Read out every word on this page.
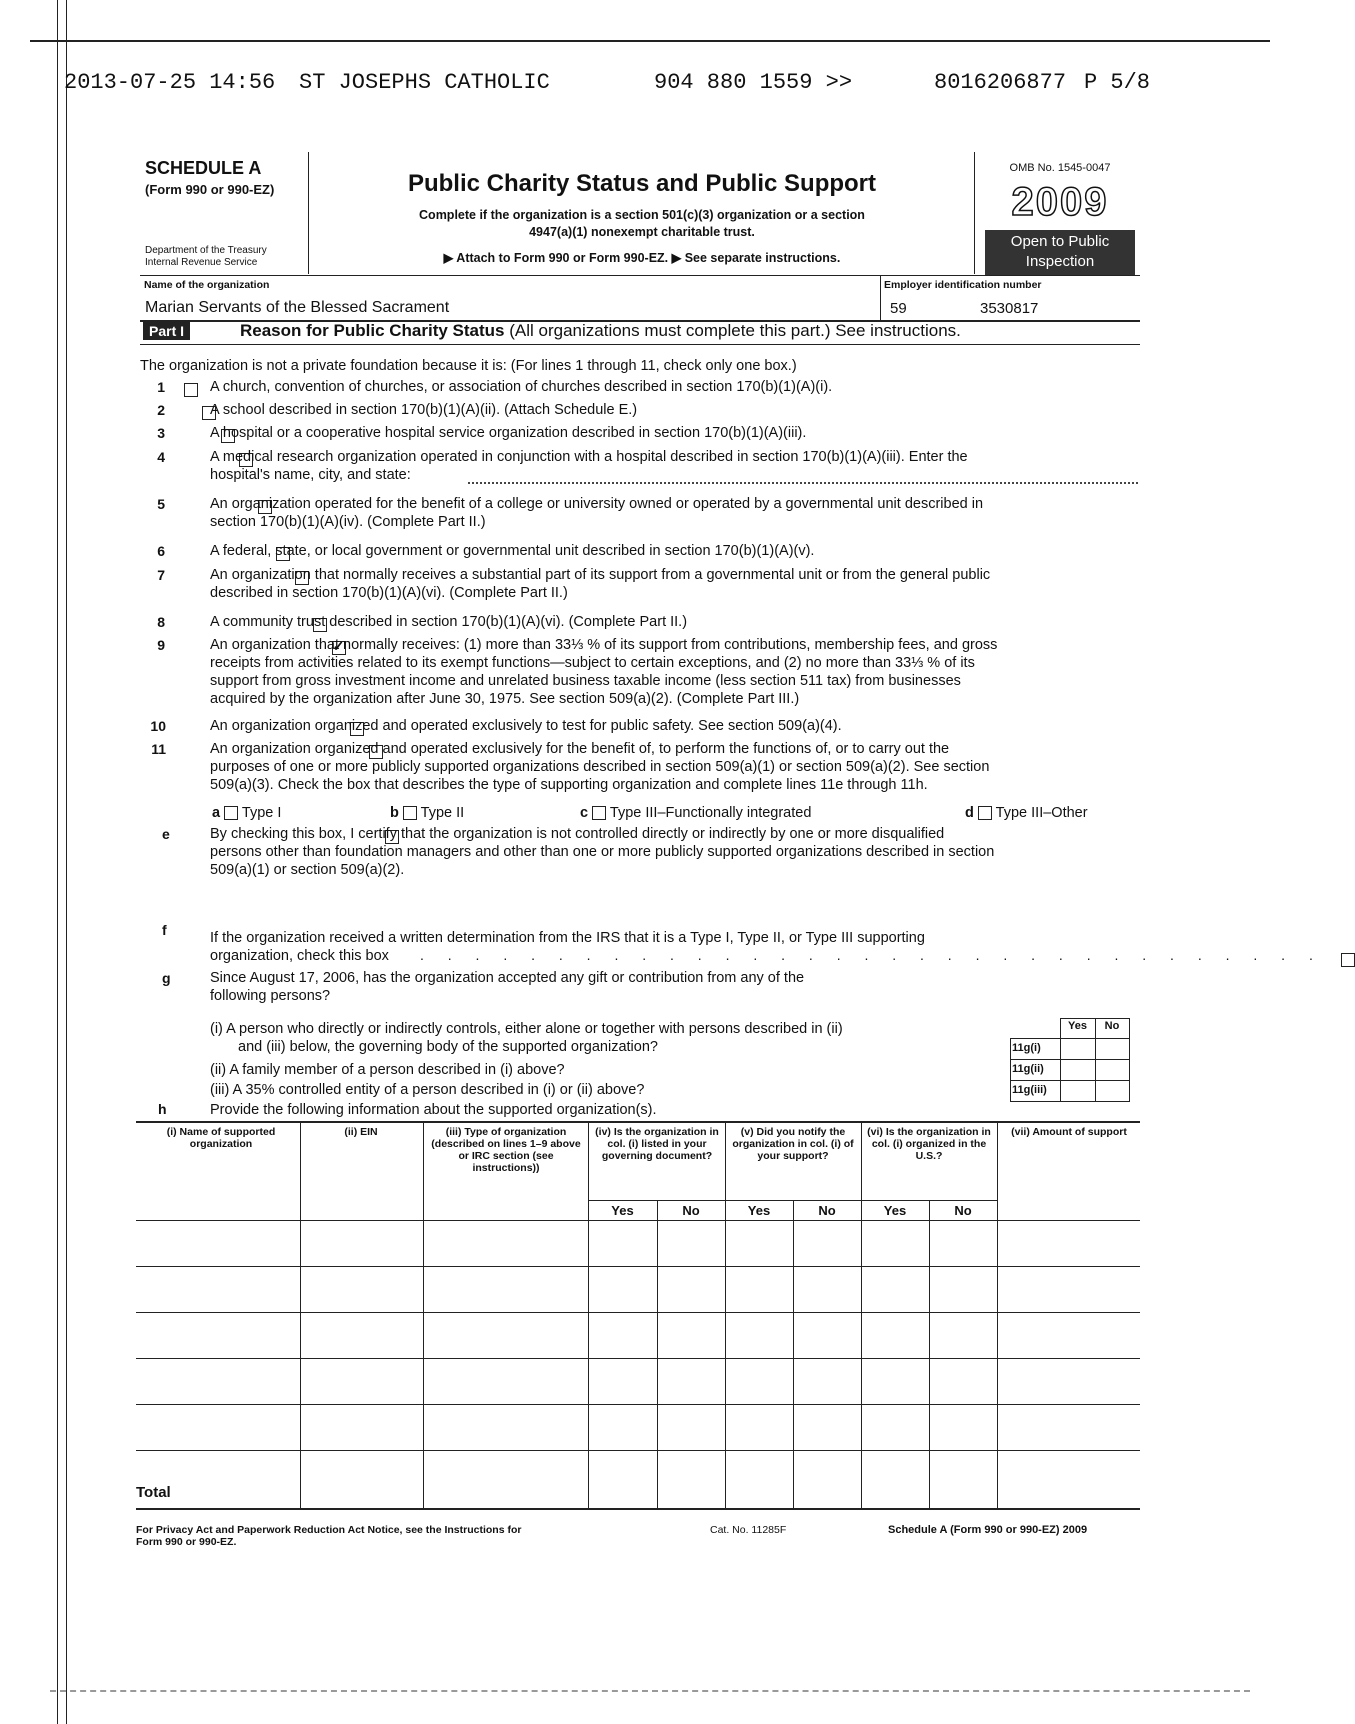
2013-07-25 14:56 ST JOSEPHS CATHOLIC	904 880 1559 >>	8016206877 P 5/8
SCHEDULE A
(Form 990 or 990-EZ)
Department of the Treasury
Internal Revenue Service
Public Charity Status and Public Support
Complete if the organization is a section 501(c)(3) organization or a section
4947(a)(1) nonexempt charitable trust.
▶ Attach to Form 990 or Form 990-EZ. ▶ See separate instructions.
OMB No. 1545-0047
2009
Open to Public
Inspection
Name of the organization
Marian Servants of the Blessed Sacrament
Employer identification number
59	3530817
Part I	Reason for Public Charity Status (All organizations must complete this part.) See instructions.
The organization is not a private foundation because it is: (For lines 1 through 11, check only one box.)
1
	A church, convention of churches, or association of churches described in section 170(b)(1)(A)(i).
2
	A school described in section 170(b)(1)(A)(ii). (Attach Schedule E.)
3
	A hospital or a cooperative hospital service organization described in section 170(b)(1)(A)(iii).
4
	A medical research organization operated in conjunction with a hospital described in section 170(b)(1)(A)(iii). Enter the
hospital's name, city, and state:
5
	An organization operated for the benefit of a college or university owned or operated by a governmental unit described in
section 170(b)(1)(A)(iv). (Complete Part II.)
6
	A federal, state, or local government or governmental unit described in section 170(b)(1)(A)(v).
7
	An organization that normally receives a substantial part of its support from a governmental unit or from the general public
described in section 170(b)(1)(A)(vi). (Complete Part II.)
8
	A community trust described in section 170(b)(1)(A)(vi). (Complete Part II.)
9
✓	An organization that normally receives: (1) more than 33⅓ % of its support from contributions, membership fees, and gross
receipts from activities related to its exempt functions—subject to certain exceptions, and (2) no more than 33⅓ % of its
support from gross investment income and unrelated business taxable income (less section 511 tax) from businesses
acquired by the organization after June 30, 1975. See section 509(a)(2). (Complete Part III.)
10
	An organization organized and operated exclusively to test for public safety. See section 509(a)(4).
11
	An organization organized and operated exclusively for the benefit of, to perform the functions of, or to carry out the
purposes of one or more publicly supported organizations described in section 509(a)(1) or section 509(a)(2). See section
509(a)(3). Check the box that describes the type of supporting organization and complete lines 11e through 11h.
a Type I	b Type II	c Type III–Functionally integrated	d Type III–Other
e
	By checking this box, I certify that the organization is not controlled directly or indirectly by one or more disqualified
persons other than foundation managers and other than one or more publicly supported organizations described in section
509(a)(1) or section 509(a)(2).
f	If the organization received a written determination from the IRS that it is a Type I, Type II, or Type III supporting
organization, check this box . . . . . . . . . . . . . . . . . . . . . . . . . . . . . . . . .
g	Since August 17, 2006, has the organization accepted any gift or contribution from any of the
following persons?
(i) A person who directly or indirectly controls, either alone or together with persons described in (ii)
and (iii) below, the governing body of the supported organization?
(ii) A family member of a person described in (i) above?
(iii) A 35% controlled entity of a person described in (i) or (ii) above?
Yes	No
11g(i)
11g(ii)
11g(iii)
h	Provide the following information about the supported organization(s).
(i) Name of supported organization
(ii) EIN	(iii) Type of organization (described on lines 1–9 above or IRC section (see instructions))
(iv) Is the organization in col. (i) listed in your governing document?
(v) Did you notify the organization in col. (i) of your support?
(vi) Is the organization in col. (i) organized in the U.S.?
(vii) Amount of support
Yes	No	Yes	No	Yes	No
Total
For Privacy Act and Paperwork Reduction Act Notice, see the Instructions for
Form 990 or 990-EZ.
Cat. No. 11285F	Schedule A (Form 990 or 990-EZ) 2009
